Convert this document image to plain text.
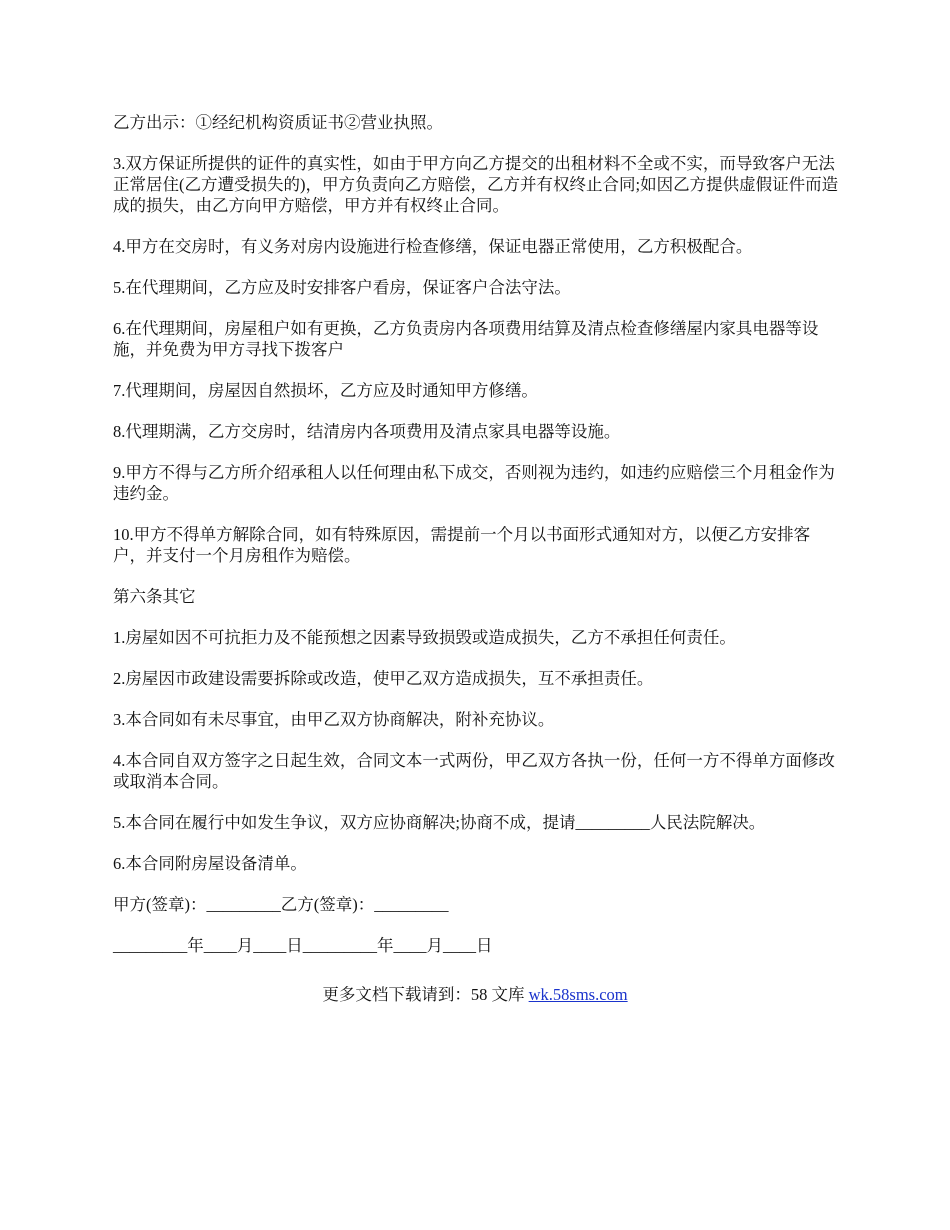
乙方出示：①经纪机构资质证书②营业执照。

3.双方保证所提供的证件的真实性，如由于甲方向乙方提交的出租材料不全或不实，而导致客户无法正常居住(乙方遭受损失的)，甲方负责向乙方赔偿，乙方并有权终止合同;如因乙方提供虚假证件而造成的损失，由乙方向甲方赔偿，甲方并有权终止合同。

4.甲方在交房时，有义务对房内设施进行检查修缮，保证电器正常使用，乙方积极配合。

5.在代理期间，乙方应及时安排客户看房，保证客户合法守法。

6.在代理期间，房屋租户如有更换，乙方负责房内各项费用结算及清点检查修缮屋内家具电器等设施，并免费为甲方寻找下拨客户

7.代理期间，房屋因自然损坏，乙方应及时通知甲方修缮。

8.代理期满，乙方交房时，结清房内各项费用及清点家具电器等设施。

9.甲方不得与乙方所介绍承租人以任何理由私下成交，否则视为违约，如违约应赔偿三个月租金作为违约金。

10.甲方不得单方解除合同，如有特殊原因，需提前一个月以书面形式通知对方，以便乙方安排客户，并支付一个月房租作为赔偿。

第六条其它

1.房屋如因不可抗拒力及不能预想之因素导致损毁或造成损失，乙方不承担任何责任。

2.房屋因市政建设需要拆除或改造，使甲乙双方造成损失，互不承担责任。

3.本合同如有未尽事宜，由甲乙双方协商解决，附补充协议。

4.本合同自双方签字之日起生效，合同文本一式两份，甲乙双方各执一份，任何一方不得单方面修改或取消本合同。

5.本合同在履行中如发生争议，双方应协商解决;协商不成，提请_________人民法院解决。

6.本合同附房屋设备清单。

甲方(签章)：_________乙方(签章)：_________

_________年____月____日_________年____月____日

更多文档下载请到：58 文库 wk.58sms.com
